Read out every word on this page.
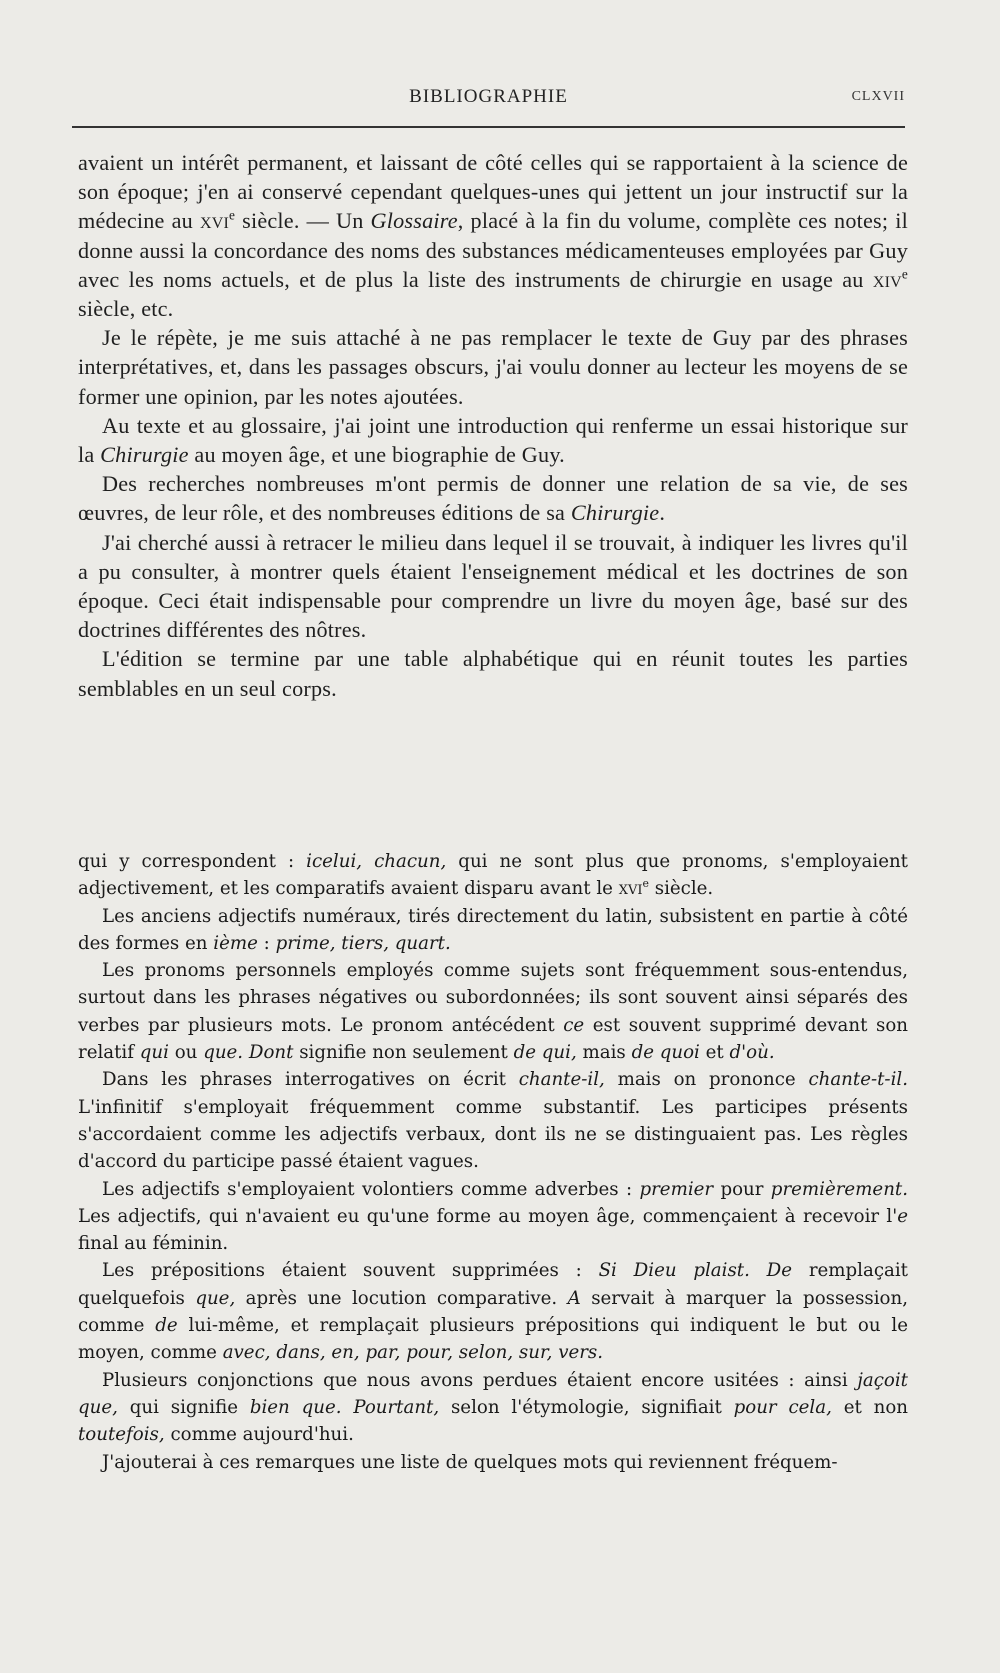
BIBLIOGRAPHIE	CLXVII

avaient un intérêt permanent, et laissant de côté celles qui se rapportaient à la science de son époque; j'en ai conservé cependant quelques-unes qui jettent un jour instructif sur la médecine au xvi$^e$ siècle. — Un Glossaire, placé à la fin du volume, complète ces notes; il donne aussi la concordance des noms des substances médicamenteuses employées par Guy avec les noms actuels, et de plus la liste des instruments de chirurgie en usage au xiv$^e$ siècle, etc.

Je le répète, je me suis attaché à ne pas remplacer le texte de Guy par des phrases interprétatives, et, dans les passages obscurs, j'ai voulu donner au lecteur les moyens de se former une opinion, par les notes ajoutées.

Au texte et au glossaire, j'ai joint une introduction qui renferme un essai historique sur la Chirurgie au moyen âge, et une biographie de Guy.

Des recherches nombreuses m'ont permis de donner une relation de sa vie, de ses œuvres, de leur rôle, et des nombreuses éditions de sa Chirurgie.

J'ai cherché aussi à retracer le milieu dans lequel il se trouvait, à indiquer les livres qu'il a pu consulter, à montrer quels étaient l'enseignement médical et les doctrines de son époque. Ceci était indispensable pour comprendre un livre du moyen âge, basé sur des doctrines différentes des nôtres.

L'édition se termine par une table alphabétique qui en réunit toutes les parties semblables en un seul corps.

qui y correspondent : icelui, chacun, qui ne sont plus que pronoms, s'employaient adjectivement, et les comparatifs avaient disparu avant le xvi$^e$ siècle.

Les anciens adjectifs numéraux, tirés directement du latin, subsistent en partie à côté des formes en ième : prime, tiers, quart.

Les pronoms personnels employés comme sujets sont fréquemment sous-entendus, surtout dans les phrases négatives ou subordonnées; ils sont souvent ainsi séparés des verbes par plusieurs mots. Le pronom antécédent ce est souvent supprimé devant son relatif qui ou que. Dont signifie non seulement de qui, mais de quoi et d'où.

Dans les phrases interrogatives on écrit chante-il, mais on prononce chante-t-il. L'infinitif s'employait fréquemment comme substantif. Les participes présents s'accordaient comme les adjectifs verbaux, dont ils ne se distinguaient pas. Les règles d'accord du participe passé étaient vagues.

Les adjectifs s'employaient volontiers comme adverbes : premier pour premièrement. Les adjectifs, qui n'avaient eu qu'une forme au moyen âge, commençaient à recevoir l'e final au féminin.

Les prépositions étaient souvent supprimées : Si Dieu plaist. De remplaçait quelquefois que, après une locution comparative. A servait à marquer la possession, comme de lui-même, et remplaçait plusieurs prépositions qui indiquent le but ou le moyen, comme avec, dans, en, par, pour, selon, sur, vers.

Plusieurs conjonctions que nous avons perdues étaient encore usitées : ainsi jaçoit que, qui signifie bien que. Pourtant, selon l'étymologie, signifiait pour cela, et non toutefois, comme aujourd'hui.

J'ajouterai à ces remarques une liste de quelques mots qui reviennent fréquem-
